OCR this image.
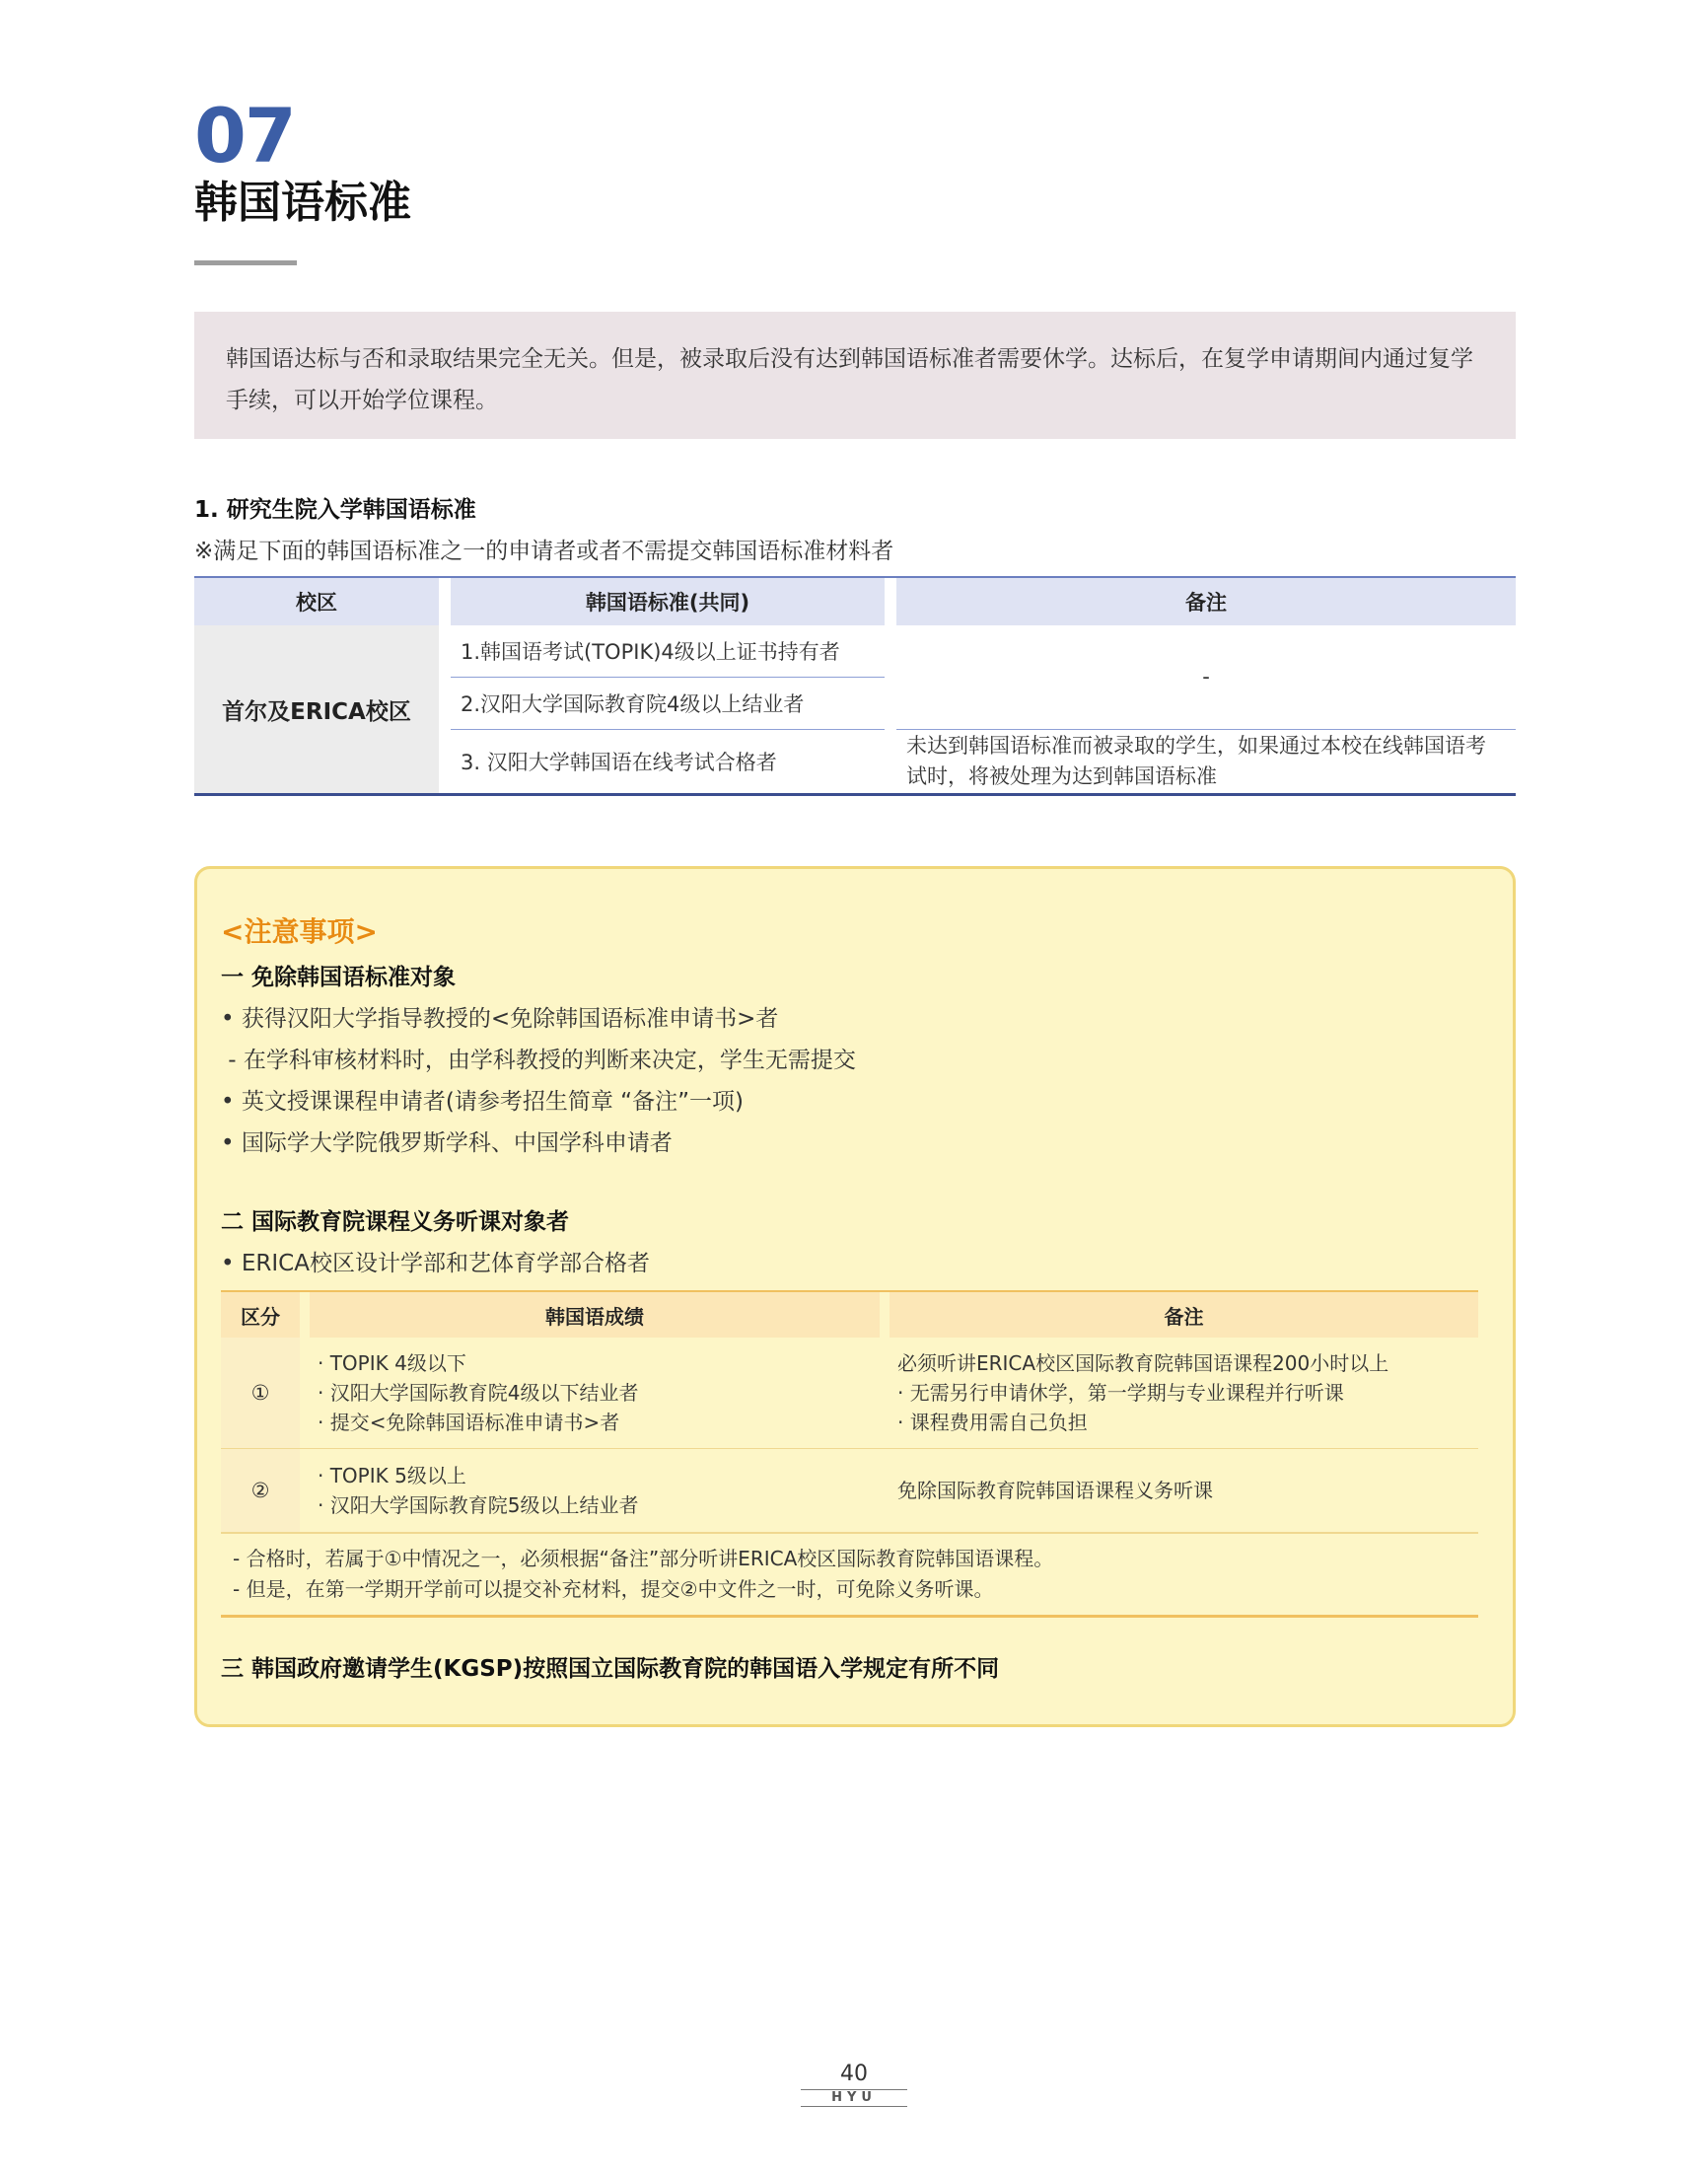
07
韩国语标准
韩国语达标与否和录取结果完全无关。但是，被录取后没有达到韩国语标准者需要休学。达标后，在复学申请期间内通过复学手续，可以开始学位课程。
1. 研究生院入学韩国语标准
※满足下面的韩国语标准之一的申请者或者不需提交韩国语标准材料者
校区		韩国语标准(共同)		备注
首尔及ERICA校区		1.韩国语考试(TOPIK)4级以上证书持有者		-
		2.汉阳大学国际教育院4级以上结业者		
		3. 汉阳大学韩国语在线考试合格者		未达到韩国语标准而被录取的学生，如果通过本校在线韩国语考试时，将被处理为达到韩国语标准
<注意事项>
一 免除韩国语标准对象
• 获得汉阳大学指导教授的<免除韩国语标准申请书>者
- 在学科审核材料时，由学科教授的判断来决定，学生无需提交
• 英文授课课程申请者(请参考招生简章 “备注”一项)
• 国际学大学院俄罗斯学科、中国学科申请者
二 国际教育院课程义务听课对象者
• ERICA校区设计学部和艺体育学部合格者
区分		韩国语成绩		备注
①		· TOPIK 4级以下
· 汉阳大学国际教育院4级以下结业者
· 提交<免除韩国语标准申请书>者		必须听讲ERICA校区国际教育院韩国语课程200小时以上
· 无需另行申请休学，第一学期与专业课程并行听课
· 课程费用需自己负担

②		· TOPIK 5级以上
· 汉阳大学国际教育院5级以上结业者		免除国际教育院韩国语课程义务听课

- 合格时，若属于①中情况之一，必须根据“备注”部分听讲ERICA校区国际教育院韩国语课程。
- 但是，在第一学期开学前可以提交补充材料，提交②中文件之一时，可免除义务听课。				
三 韩国政府邀请学生(KGSP)按照国立国际教育院的韩国语入学规定有所不同
40
HYU
